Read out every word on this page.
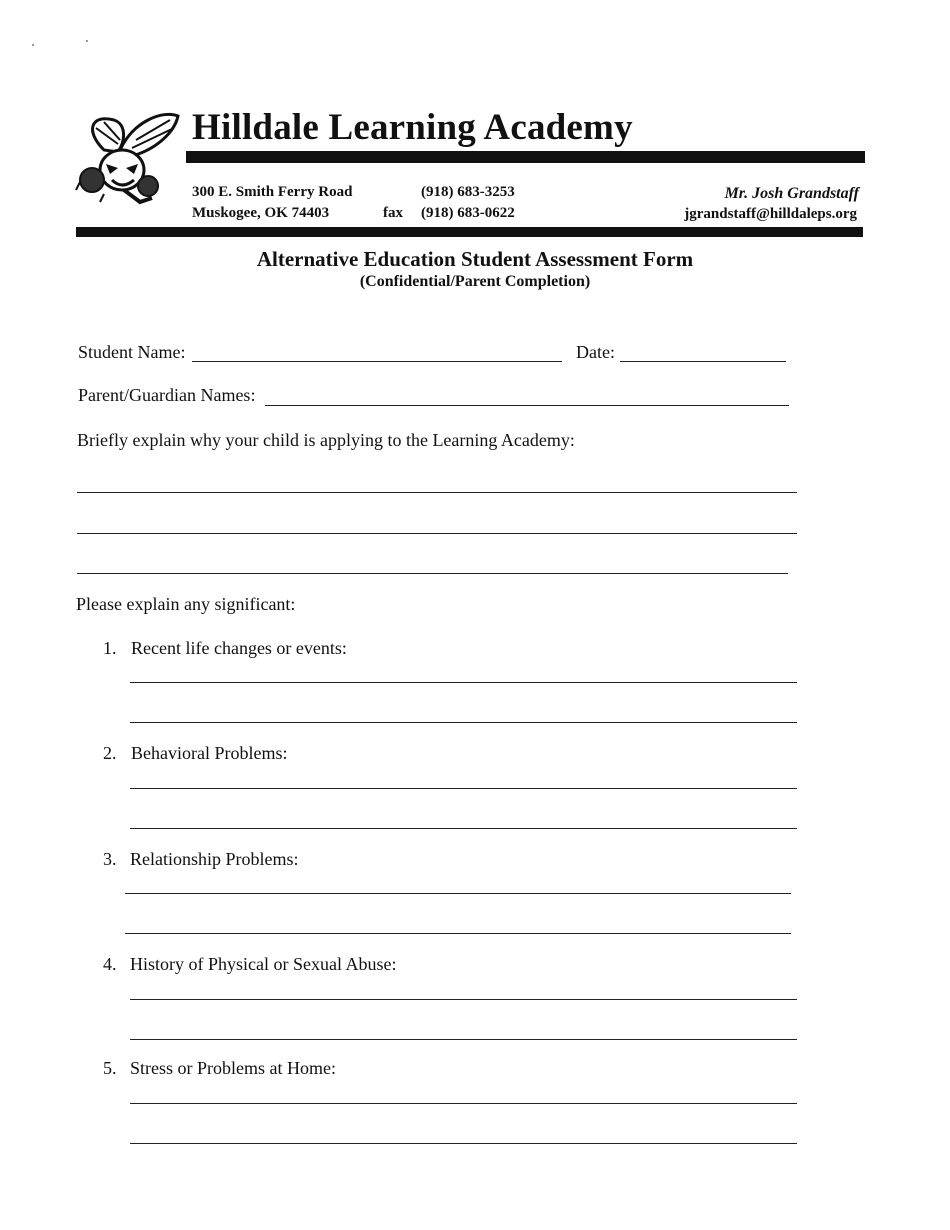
Hilldale Learning Academy
300 E. Smith Ferry Road
Muskogee, OK 74403
(918) 683-3253
fax (918) 683-0622
Mr. Josh Grandstaff
jgrandstaff@hilldaleps.org
Alternative Education Student Assessment Form
(Confidential/Parent Completion)
Student Name:	Date:
Parent/Guardian Names:
Briefly explain why your child is applying to the Learning Academy:
Please explain any significant:
1. Recent life changes or events:
2. Behavioral Problems:
3. Relationship Problems:
4. History of Physical or Sexual Abuse:
5. Stress or Problems at Home:
